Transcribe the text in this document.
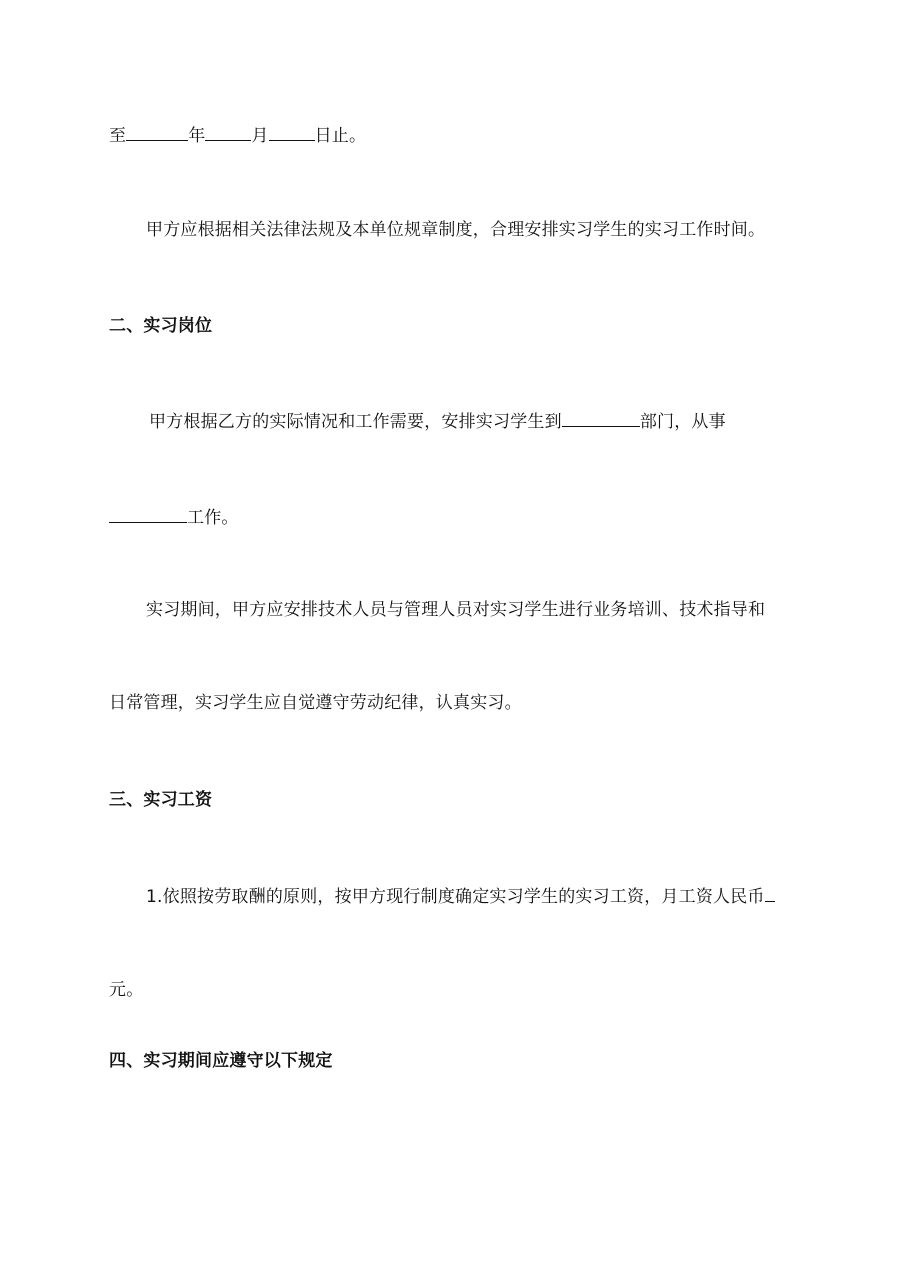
至	年	月	日止。
甲方应根据相关法律法规及本单位规章制度，合理安排实习学生的实习工作时间。
二、实习岗位
甲方根据乙方的实际情况和工作需要，安排实习学生到	部门，从事
工作。
实习期间，甲方应安排技术人员与管理人员对实习学生进行业务培训、技术指导和
日常管理，实习学生应自觉遵守劳动纪律，认真实习。
三、实习工资
1.依照按劳取酬的原则，按甲方现行制度确定实习学生的实习工资，月工资人民币
元。
四、实习期间应遵守以下规定
